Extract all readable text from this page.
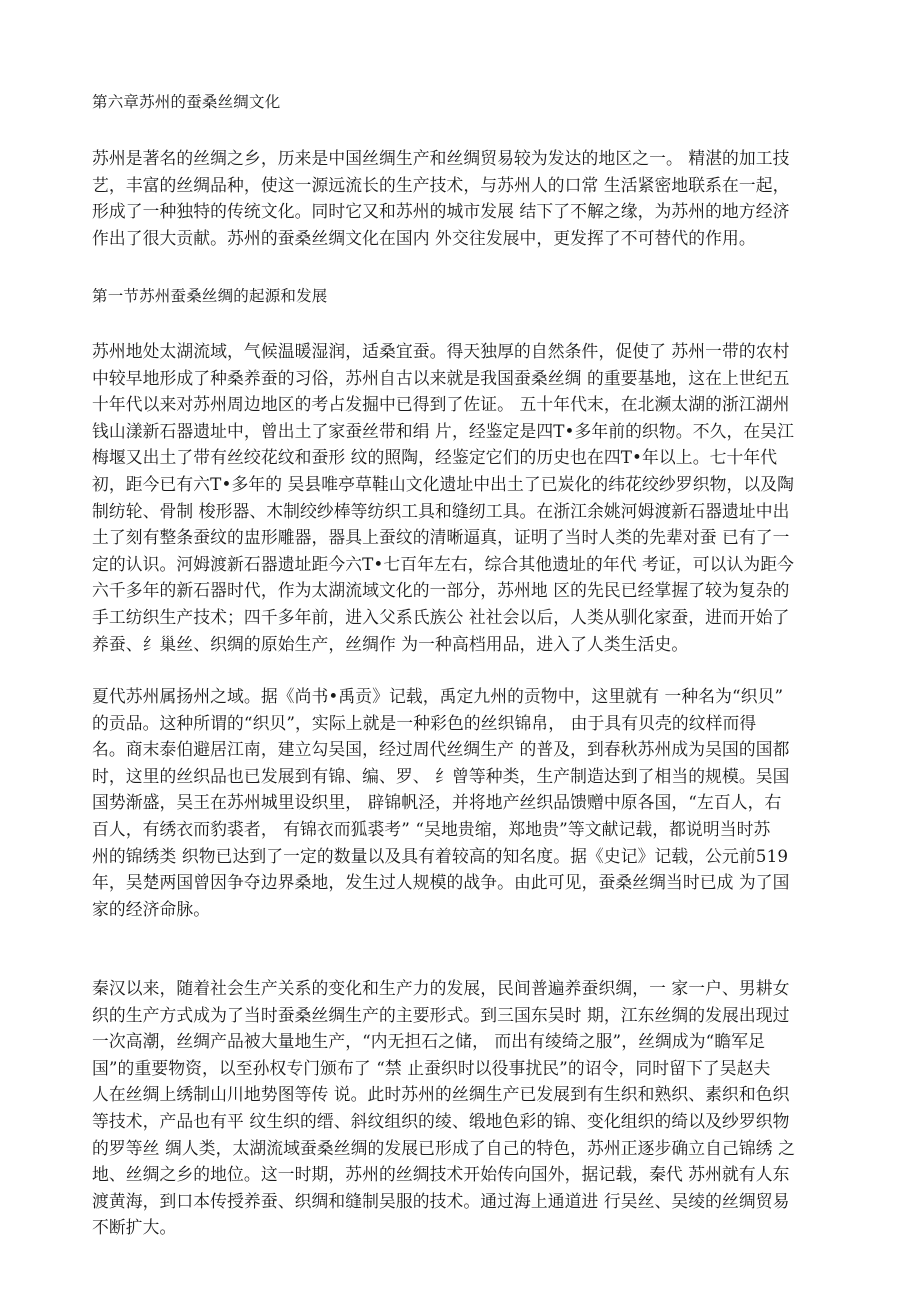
第六章苏州的蚕桑丝绸文化
苏州是著名的丝绸之乡，历来是中国丝绸生产和丝绸贸易较为发达的地区之一。 精湛的加工技
艺，丰富的丝绸品种，使这一源远流长的生产技术，与苏州人的口常 生活紧密地联系在一起，
形成了一种独特的传统文化。同时它又和苏州的城市发展 结下了不解之缘，为苏州的地方经济
作出了很大贡献。苏州的蚕桑丝绸文化在国内 外交往发展中，更发挥了不可替代的作用。
第一节苏州蚕桑丝绸的起源和发展
苏州地处太湖流域，气候温暖湿润，适桑宜蚕。得天独厚的自然条件，促使了 苏州一带的农村
中较早地形成了种桑养蚕的习俗，苏州自古以来就是我国蚕桑丝绸 的重要基地，这在上世纪五
十年代以来对苏州周边地区的考占发掘中已得到了佐证。 五十年代末，在北濒太湖的浙江湖州
钱山漾新石器遗址中，曾出土了家蚕丝带和绢 片，经鉴定是四T•多年前的织物。不久，在吴江
梅堰又出土了带有丝绞花纹和蚕形 纹的照陶，经鉴定它们的历史也在四T•年以上。七十年代
初，距今已有六T•多年的 吴县唯亭草鞋山文化遗址中出土了已炭化的纬花绞纱罗织物，以及陶
制纺轮、骨制 梭形器、木制绞纱棒等纺织工具和缝纫工具。在浙江余姚河姆渡新石器遗址中出
土了刻有整条蚕纹的盅形雕器，器具上蚕纹的清晰逼真，证明了当时人类的先辈对蚕 已有了一
定的认识。河姆渡新石器遗址距今六T•七百年左右，综合其他遗址的年代 考证，可以认为距今
六千多年的新石器时代，作为太湖流域文化的一部分，苏州地 区的先民已经掌握了较为复杂的
手工纺织生产技术；四千多年前，进入父系氏族公 社社会以后，人类从驯化家蚕，进而开始了
养蚕、纟巢丝、织绸的原始生产，丝绸作 为一种高档用品，进入了人类生活史。
夏代苏州属扬州之域。据《尚书•禹贡》记载，禹定九州的贡物中，这里就有 一种名为“织贝”
的贡品。这种所谓的“织贝”，实际上就是一种彩色的丝织锦帛， 由于具有贝壳的纹样而得
名。商末泰伯避居江南，建立勾吴国，经过周代丝绸生产 的普及，到春秋苏州成为吴国的国都
时，这里的丝织品也已发展到有锦、编、罗、 纟曾等种类，生产制造达到了相当的规模。吴国
国势渐盛，吴王在苏州城里设织里， 辟锦帆泾，并将地产丝织品馈赠中原各国，“左百人，右
百人，有绣衣而豹裘者， 有锦衣而狐裘考” “吴地贵缩，郑地贵”等文献记载，都说明当时苏
州的锦绣类 织物已达到了一定的数量以及具有着较高的知名度。据《史记》记载，公元前519
年，吴楚两国曾因争夺边界桑地，发生过人规模的战争。由此可见，蚕桑丝绸当时已成 为了国
家的经济命脉。
秦汉以来，随着社会生产关系的变化和生产力的发展，民间普遍养蚕织绸，一 家一户、男耕女
织的生产方式成为了当时蚕桑丝绸生产的主要形式。到三国东吴时 期，江东丝绸的发展出现过
一次高潮，丝绸产品被大量地生产，“内无担石之储， 而出有绫绮之服”，丝绸成为“瞻军足
国”的重要物资，以至孙权专门颁布了 “禁 止蚕织时以役事扰民”的诏令，同时留下了吴赵夫
人在丝绸上绣制山川地势图等传 说。此时苏州的丝绸生产已发展到有生织和熟织、素织和色织
等技术，产品也有平 纹生织的缙、斜纹组织的绫、缎地色彩的锦、变化组织的绮以及纱罗织物
的罗等丝 绸人类，太湖流域蚕桑丝绸的发展已形成了自己的特色，苏州正逐步确立自己锦绣 之
地、丝绸之乡的地位。这一时期，苏州的丝绸技术开始传向国外，据记载，秦代 苏州就有人东
渡黄海，到口本传授养蚕、织绸和缝制吴服的技术。通过海上通道进 行吴丝、吴绫的丝绸贸易
不断扩大。
